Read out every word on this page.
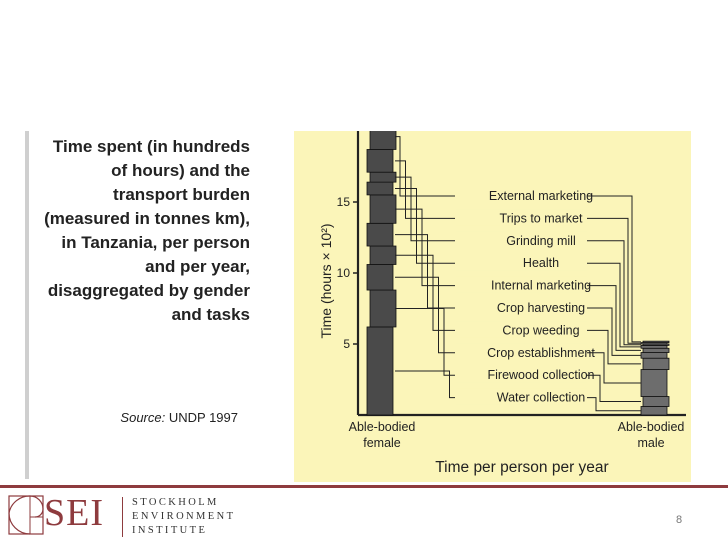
Time spent (in hundreds of hours) and the transport burden (measured in tonnes km), in Tanzania, per person and per year, disaggregated by gender and tasks
Source: UNDP 1997
5
10
15
Time (hours × 10²)
External marketing
Trips to market
Grinding mill
Health
Internal marketing
Crop harvesting
Crop weeding
Crop establishment
Firewood collection
Water collection
Able-bodied
female
Able-bodied
male
Time per person per year
SEI	STOCKHOLM
ENVIRONMENT
INSTITUTE
8
